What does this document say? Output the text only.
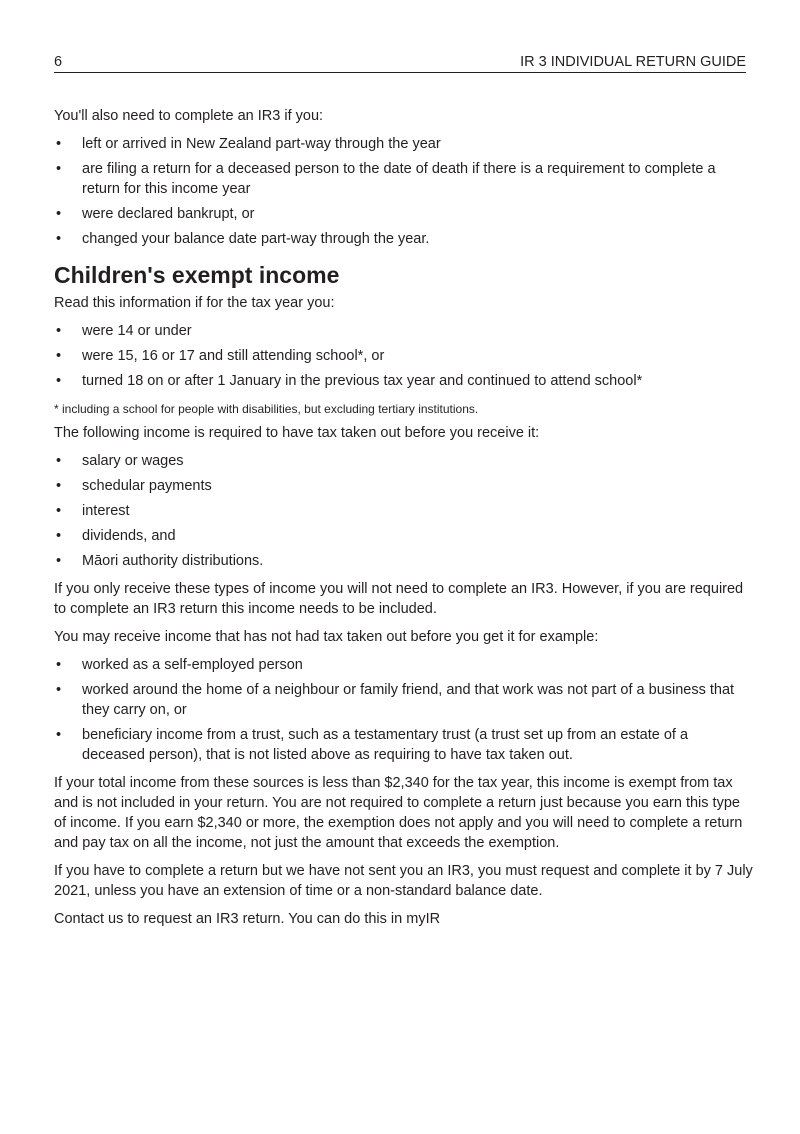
6	IR 3 INDIVIDUAL RETURN GUIDE

You'll also need to complete an IR3 if you:

• left or arrived in New Zealand part-way through the year
• are filing a return for a deceased person to the date of death if there is a requirement to complete a return for this income year
• were declared bankrupt, or
• changed your balance date part-way through the year.
Children's exempt income

Read this information if for the tax year you:

• were 14 or under
• were 15, 16 or 17 and still attending school*, or
• turned 18 on or after 1 January in the previous tax year and continued to attend school*
* including a school for people with disabilities, but excluding tertiary institutions.

The following income is required to have tax taken out before you receive it:

• salary or wages
• schedular payments
• interest
• dividends, and
• Māori authority distributions.

If you only receive these types of income you will not need to complete an IR3. However, if you are required to complete an IR3 return this income needs to be included.

You may receive income that has not had tax taken out before you get it for example:

• worked as a self-employed person
• worked around the home of a neighbour or family friend, and that work was not part of a business that they carry on, or
• beneficiary income from a trust, such as a testamentary trust (a trust set up from an estate of a deceased person), that is not listed above as requiring to have tax taken out.

If your total income from these sources is less than $2,340 for the tax year, this income is exempt from tax and is not included in your return. You are not required to complete a return just because you earn this type of income. If you earn $2,340 or more, the exemption does not apply and you will need to complete a return and pay tax on all the income, not just the amount that exceeds the exemption.

If you have to complete a return but we have not sent you an IR3, you must request and complete it by 7 July 2021, unless you have an extension of time or a non-standard balance date.

Contact us to request an IR3 return. You can do this in myIR
